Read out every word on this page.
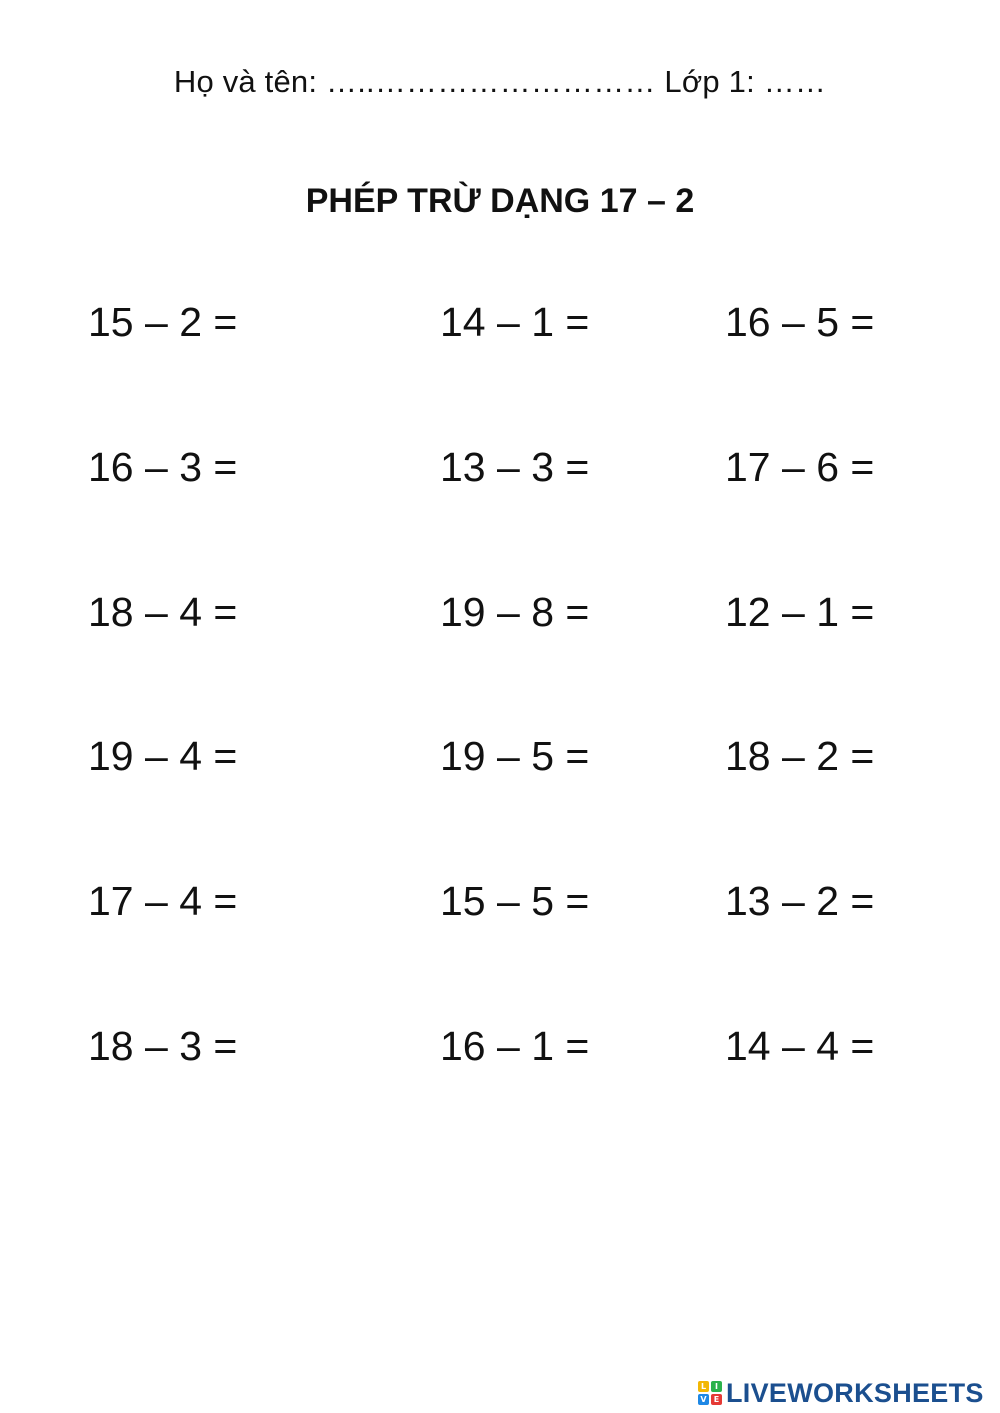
Họ và tên: …..……………………… Lớp 1: ……
PHÉP TRỪ DẠNG 17 – 2
15 – 2 =	14 – 1 =	16 – 5 =
16 – 3 =	13 – 3 =	17 – 6 =
18 – 4 =	19 – 8 =	12 – 1 =
19 – 4 =	19 – 5 =	18 – 2 =
17 – 4 =	15 – 5 =	13 – 2 =
18 – 3 =	16 – 1 =	14 – 4 =
L	I
V E LIVEWORKSHEETS
